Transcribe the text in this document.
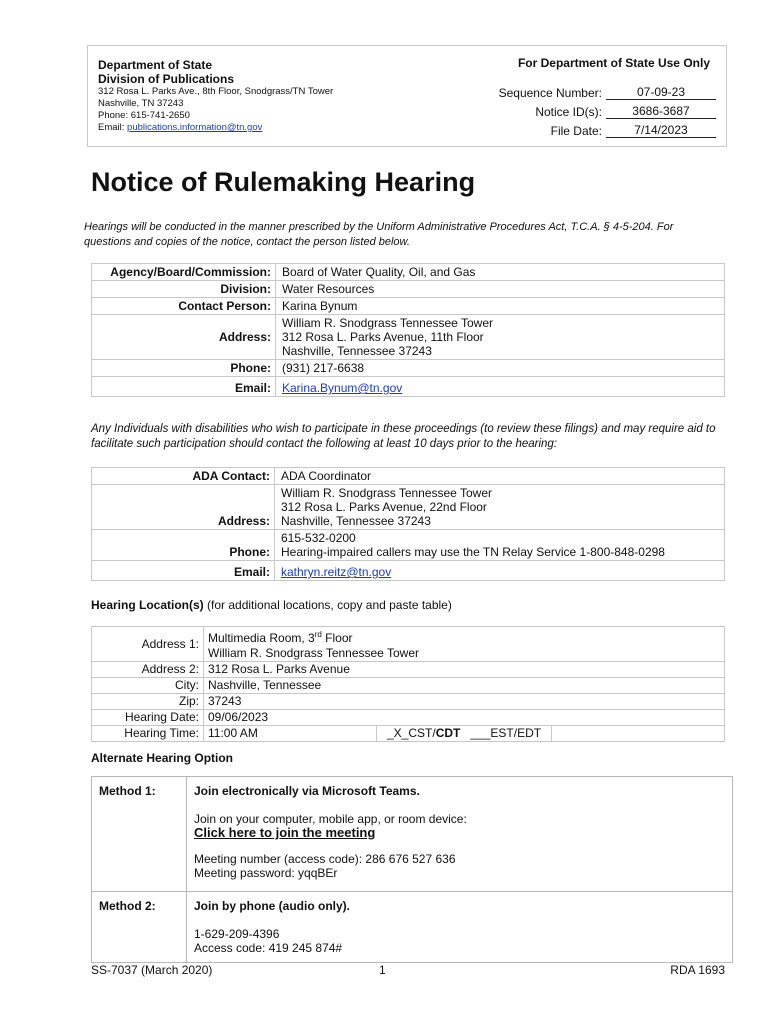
Department of State
Division of Publications
312 Rosa L. Parks Ave., 8th Floor, Snodgrass/TN Tower
Nashville, TN 37243
Phone: 615-741-2650
Email: publications.information@tn.gov
For Department of State Use Only
Sequence Number:	07-09-23
Notice ID(s):	3686-3687
File Date:	7/14/2023
Notice of Rulemaking Hearing
Hearings will be conducted in the manner prescribed by the Uniform Administrative Procedures Act, T.C.A. § 4-5-204. For questions and copies of the notice, contact the person listed below.
Agency/Board/Commission:	Board of Water Quality, Oil, and Gas
Division:	Water Resources
Contact Person:	Karina Bynum
Address:	William R. Snodgrass Tennessee Tower
312 Rosa L. Parks Avenue, 11th Floor
Nashville, Tennessee 37243

Phone:	(931) 217-6638
Email:	Karina.Bynum@tn.gov
Any Individuals with disabilities who wish to participate in these proceedings (to review these filings) and may require aid to facilitate such participation should contact the following at least 10 days prior to the hearing:
ADA Contact:	ADA Coordinator
Address:	William R. Snodgrass Tennessee Tower
312 Rosa L. Parks Avenue, 22nd Floor
Nashville, Tennessee 37243

Phone:	615-532-0200
Hearing-impaired callers may use the TN Relay Service 1-800-848-0298

Email:	kathryn.reitz@tn.gov
Hearing Location(s) (for additional locations, copy and paste table)
Address 1:	Multimedia Room, 3rd Floor
William R. Snodgrass Tennessee Tower		

Address 2:	312 Rosa L. Parks Avenue		
City:	Nashville, Tennessee		
Zip:	37243		
Hearing Date:	09/06/2023		
Hearing Time:	11:00 AM	_X_CST/CDT ___EST/EDT	
Alternate Hearing Option
Method 1:	Join electronically via Microsoft Teams.
Join on your computer, mobile app, or room device:
Click here to join the meeting
Meeting number (access code): 286 676 527 636
Meeting password: yqqBEr

Method 2:	Join by phone (audio only).
1-629-209-4396
Access code: 419 245 874#
SS-7037 (March 2020)	1	RDA 1693
